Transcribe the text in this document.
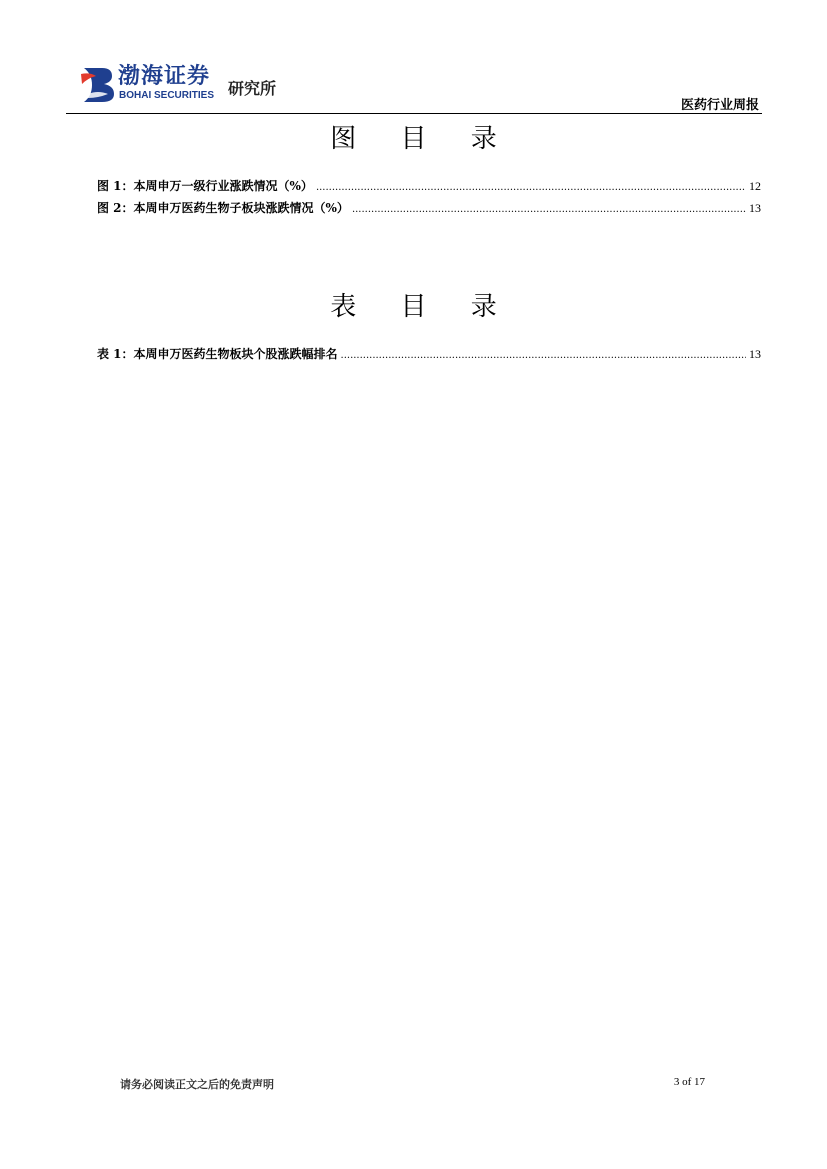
渤海证券
BOHAI SECURITIES 研究所
医药行业周报
图 目 录
图 1：本周申万一级行业涨跌情况（%） .....	12
图 2：本周申万医药生物子板块涨跌情况（%） .....	13
表 目 录
表 1：本周申万医药生物板块个股涨跌幅排名 .....	13
请务必阅读正文之后的免责声明	3 of 17
